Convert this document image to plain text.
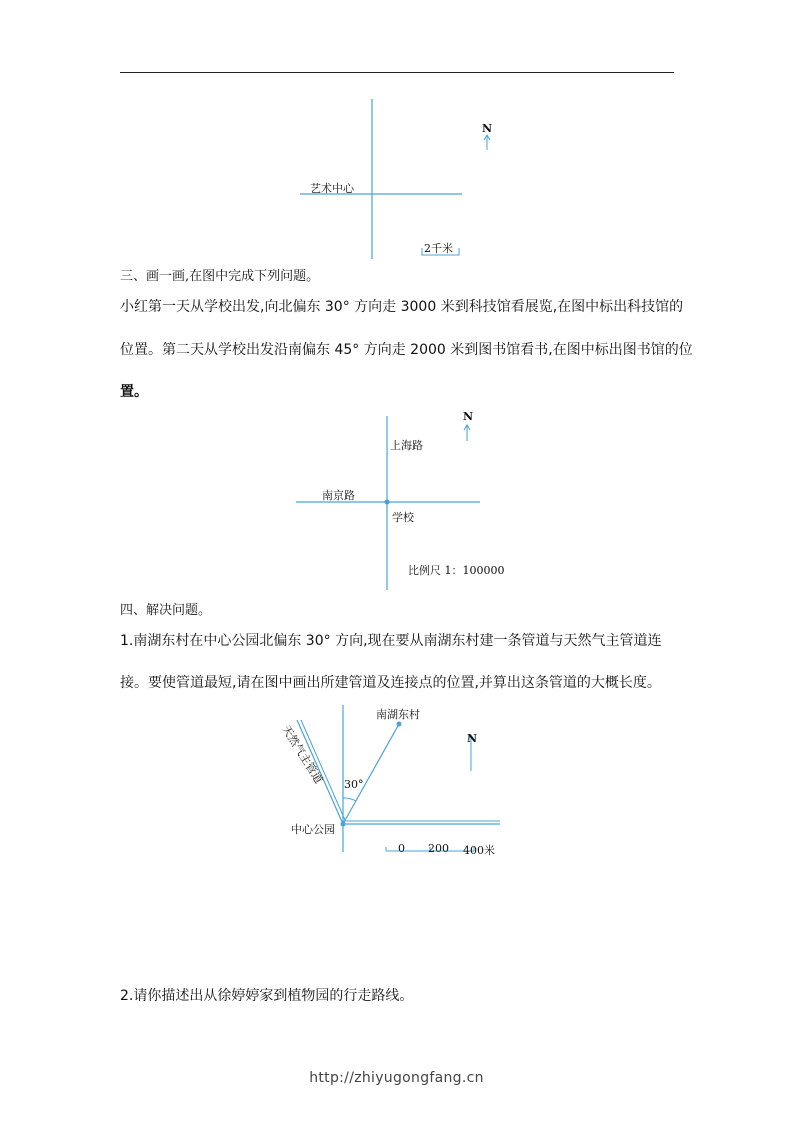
艺术中心
N
2千米
三、画一画,在图中完成下列问题。
小红第一天从学校出发,向北偏东 30° 方向走 3000 米到科技馆看展览,在图中标出科技馆的
位置。第二天从学校出发沿南偏东 45° 方向走 2000 米到图书馆看书,在图中标出图书馆的位
置。
N
上海路
南京路
学校
比例尺 1：100000
四、解决问题。
1.南湖东村在中心公园北偏东 30° 方向,现在要从南湖东村建一条管道与天然气主管道连
接。要使管道最短,请在图中画出所建管道及连接点的位置,并算出这条管道的大概长度。
南湖东村
30°
N
中心公园
天然气主管道
0 200 400米
2.请你描述出从徐婷婷家到植物园的行走路线。
http://zhiyugongfang.cn
